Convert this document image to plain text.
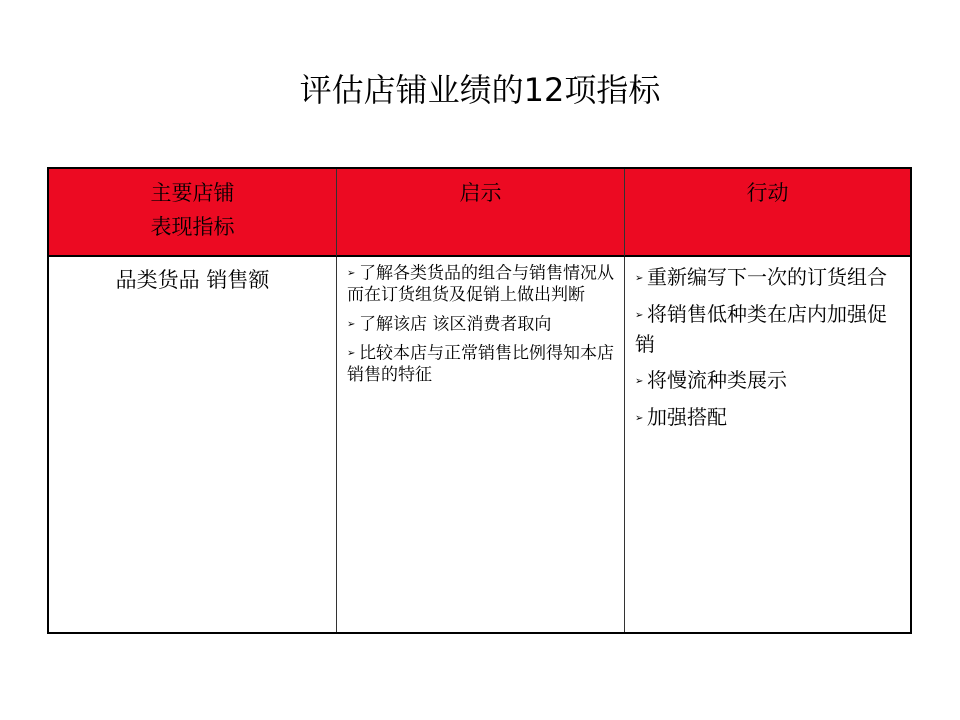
评估店铺业绩的12项指标
主要店铺
表现指标
启示	行动
品类货品 销售额	➢ 了解各类货品的组合与销售情况从而在订货组货及促销上做出判断
➢ 了解该店 该区消费者取向
➢ 比较本店与正常销售比例得知本店销售的特征
➢ 重新编写下一次的订货组合
➢ 将销售低种类在店内加强促销
➢ 将慢流种类展示
➢ 加强搭配
